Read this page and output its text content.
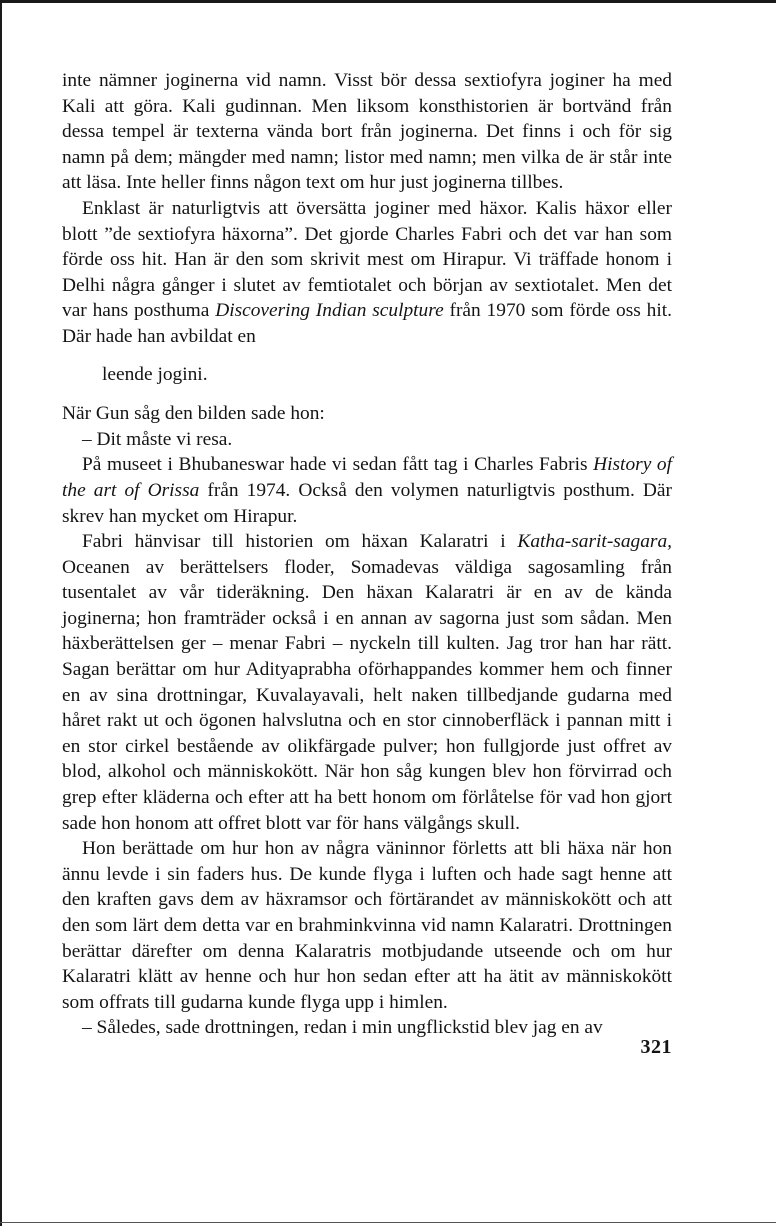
inte nämner joginerna vid namn. Visst bör dessa sextiofyra joginer ha med Kali att göra. Kali gudinnan. Men liksom konsthistorien är bortvänd från dessa tempel är texterna vända bort från joginerna. Det finns i och för sig namn på dem; mängder med namn; listor med namn; men vilka de är står inte att läsa. Inte heller finns någon text om hur just joginerna tillbes.

Enklast är naturligtvis att översätta joginer med häxor. Kalis häxor eller blott ”de sextiofyra häxorna”. Det gjorde Charles Fabri och det var han som förde oss hit. Han är den som skrivit mest om Hirapur. Vi träffade honom i Delhi några gånger i slutet av femtiotalet och början av sextiotalet. Men det var hans posthuma Discovering Indian sculpture från 1970 som förde oss hit. Där hade han avbildat en

leende jogini.

När Gun såg den bilden sade hon:

– Dit måste vi resa.

På museet i Bhubaneswar hade vi sedan fått tag i Charles Fabris History of the art of Orissa från 1974. Också den volymen naturligtvis posthum. Där skrev han mycket om Hirapur.

Fabri hänvisar till historien om häxan Kalaratri i Katha-sarit-sagara, Oceanen av berättelsers floder, Somadevas väldiga sagosamling från tusentalet av vår tideräkning. Den häxan Kalaratri är en av de kända joginerna; hon framträder också i en annan av sagorna just som sådan. Men häxberättelsen ger – menar Fabri – nyckeln till kulten. Jag tror han har rätt. Sagan berättar om hur Adityaprabha oförhappandes kommer hem och finner en av sina drottningar, Kuvalayavali, helt naken tillbedjande gudarna med håret rakt ut och ögonen halvslutna och en stor cinnoberfläck i pannan mitt i en stor cirkel bestående av olikfärgade pulver; hon fullgjorde just offret av blod, alkohol och människokött. När hon såg kungen blev hon förvirrad och grep efter kläderna och efter att ha bett honom om förlåtelse för vad hon gjort sade hon honom att offret blott var för hans välgångs skull.

Hon berättade om hur hon av några väninnor förletts att bli häxa när hon ännu levde i sin faders hus. De kunde flyga i luften och hade sagt henne att den kraften gavs dem av häxramsor och förtärandet av människokött och att den som lärt dem detta var en brahminkvinna vid namn Kalaratri. Drottningen berättar därefter om denna Kalaratris motbjudande utseende och om hur Kalaratri klätt av henne och hur hon sedan efter att ha ätit av människokött som offrats till gudarna kunde flyga upp i himlen.

– Således, sade drottningen, redan i min ungflickstid blev jag en av

321
